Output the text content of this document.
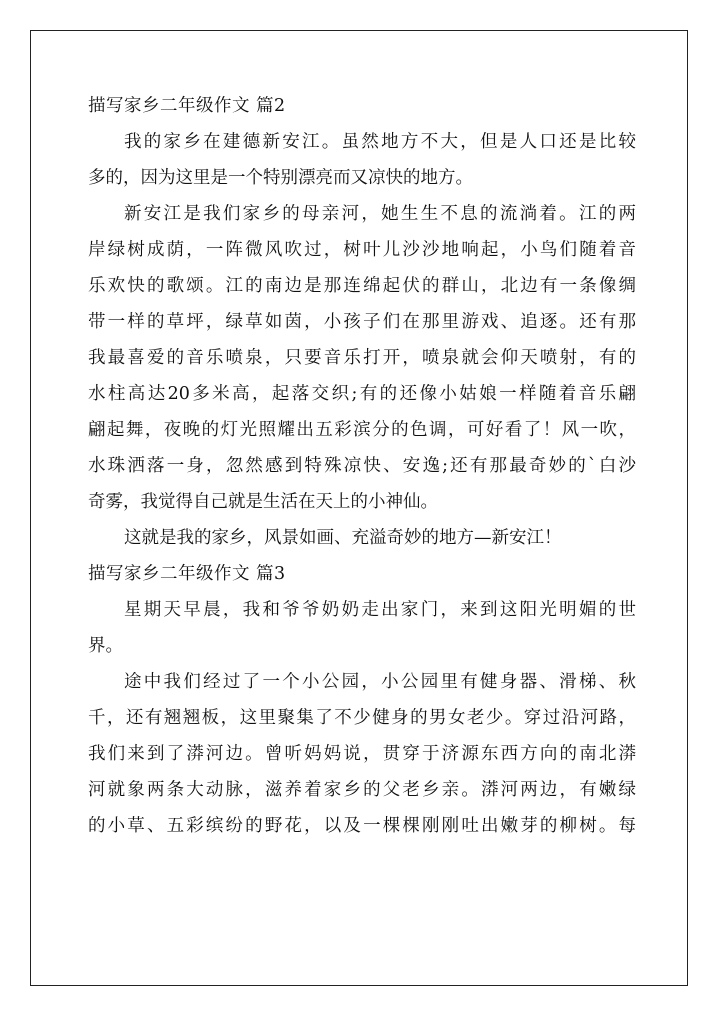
描写家乡二年级作文 篇2
我的家乡在建德新安江。虽然地方不大，但是人口还是比较
多的，因为这里是一个特别漂亮而又凉快的地方。
新安江是我们家乡的母亲河，她生生不息的流淌着。江的两
岸绿树成荫，一阵微风吹过，树叶儿沙沙地响起，小鸟们随着音
乐欢快的歌颂。江的南边是那连绵起伏的群山，北边有一条像绸
带一样的草坪，绿草如茵，小孩子们在那里游戏、追逐。还有那
我最喜爱的音乐喷泉，只要音乐打开，喷泉就会仰天喷射，有的
水柱高达20多米高，起落交织;有的还像小姑娘一样随着音乐翩
翩起舞，夜晚的灯光照耀出五彩滨分的色调，可好看了！风一吹，
水珠洒落一身，忽然感到特殊凉快、安逸;还有那最奇妙的`白沙
奇雾，我觉得自己就是生活在天上的小神仙。
这就是我的家乡，风景如画、充溢奇妙的地方—新安江！
描写家乡二年级作文 篇3
星期天早晨，我和爷爷奶奶走出家门，来到这阳光明媚的世
界。
途中我们经过了一个小公园，小公园里有健身器、滑梯、秋
千，还有翘翘板，这里聚集了不少健身的男女老少。穿过沿河路，
我们来到了漭河边。曾听妈妈说，贯穿于济源东西方向的南北漭
河就象两条大动脉，滋养着家乡的父老乡亲。漭河两边，有嫩绿
的小草、五彩缤纷的野花，以及一棵棵刚刚吐出嫩芽的柳树。每
